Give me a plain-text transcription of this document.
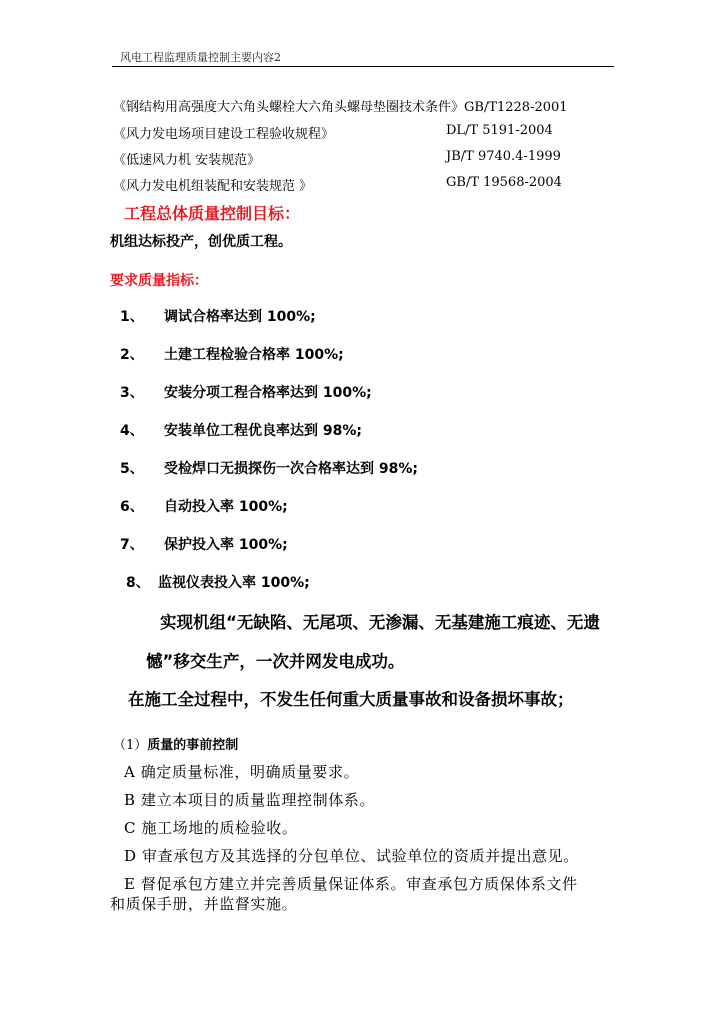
风电工程监理质量控制主要内容2
《钢结构用高强度大六角头螺栓大六角头螺母垫圈技术条件》GB/T1228-2001
《风力发电场项目建设工程验收规程》	DL/T 5191-2004
《低速风力机 安装规范》	JB/T 9740.4-1999
《风力发电机组装配和安装规范 》	GB/T 19568-2004
工程总体质量控制目标：
机组达标投产，创优质工程。
要求质量指标：
1、 调试合格率达到 100%;
2、 土建工程检验合格率 100%;
3、 安装分项工程合格率达到 100%;
4、 安装单位工程优良率达到 98%;
5、 受检焊口无损探伤一次合格率达到 98%;
6、 自动投入率 100%;
7、 保护投入率 100%;
8、 监视仪表投入率 100%;
实现机组“无缺陷、无尾项、无渗漏、无基建施工痕迹、无遗
憾”移交生产，一次并网发电成功。
在施工全过程中，不发生任何重大质量事故和设备损坏事故；
（1）质量的事前控制
A 确定质量标准，明确质量要求。
B 建立本项目的质量监理控制体系。
C 施工场地的质检验收。
D 审查承包方及其选择的分包单位、试验单位的资质并提出意见。
E 督促承包方建立并完善质量保证体系。审查承包方质保体系文件
和质保手册，并监督实施。
